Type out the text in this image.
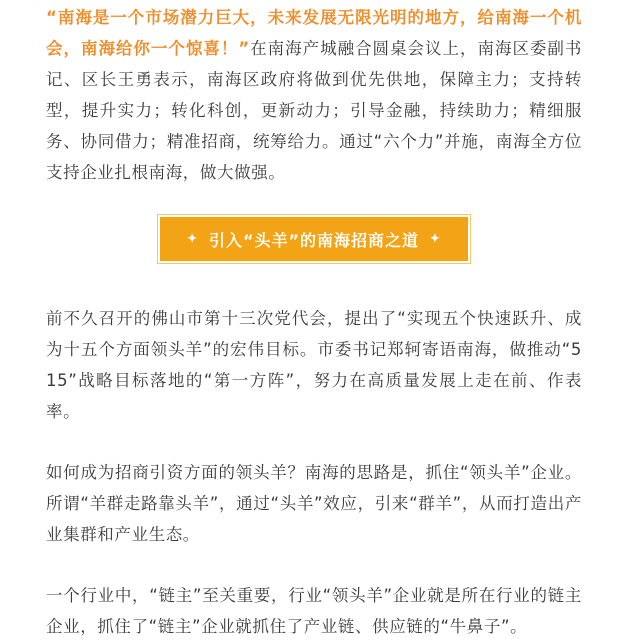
“南海是一个市场潜力巨大，未来发展无限光明的地方，给南海一个机会，南海给你一个惊喜！”在南海产城融合圆桌会议上，南海区委副书记、区长王勇表示，南海区政府将做到优先供地，保障主力；支持转型，提升实力；转化科创，更新动力；引导金融，持续助力；精细服务、协同借力；精准招商，统筹给力。通过“六个力”并施，南海全方位支持企业扎根南海，做大做强。

✦ 引入“头羊”的南海招商之道 ✦

前不久召开的佛山市第十三次党代会，提出了“实现五个快速跃升、成为十五个方面领头羊”的宏伟目标。市委书记郑轲寄语南海，做推动“515”战略目标落地的“第一方阵”，努力在高质量发展上走在前、作表率。

如何成为招商引资方面的领头羊？南海的思路是，抓住“领头羊”企业。所谓“羊群走路靠头羊”，通过“头羊”效应，引来“群羊”，从而打造出产业集群和产业生态。

一个行业中，“链主”至关重要，行业“领头羊”企业就是所在行业的链主企业，抓住了“链主”企业就抓住了产业链、供应链的“牛鼻子”。
